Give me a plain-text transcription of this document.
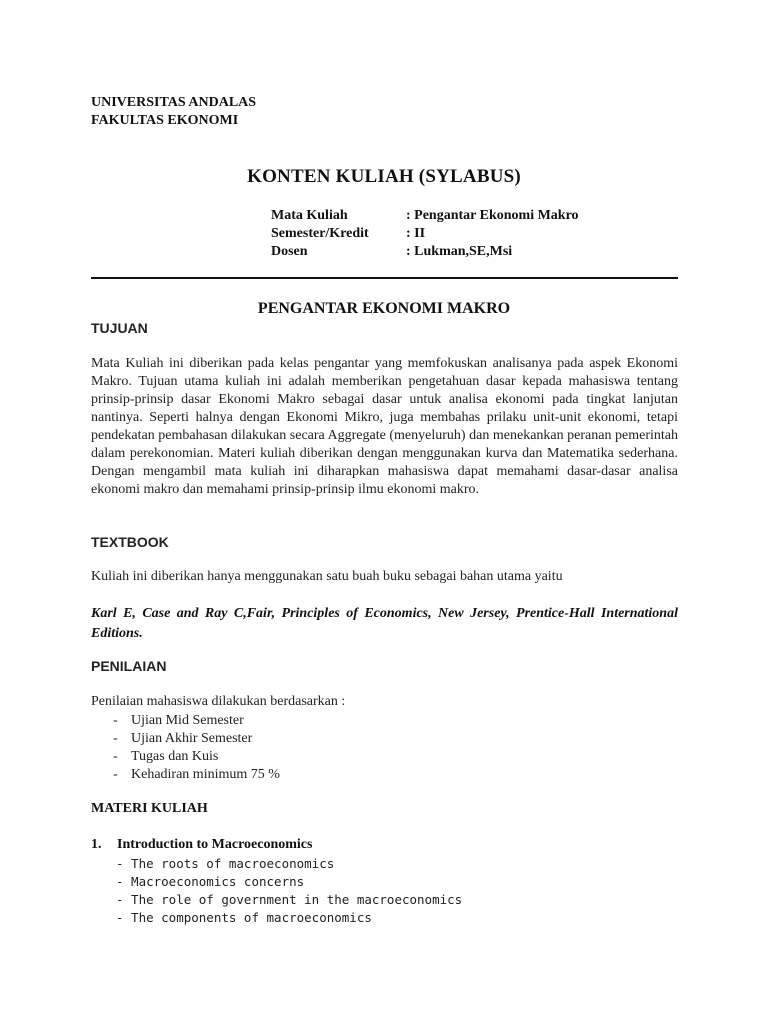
UNIVERSITAS ANDALAS
FAKULTAS EKONOMI
KONTEN KULIAH (SYLABUS)
Mata Kuliah	: Pengantar Ekonomi Makro
Semester/Kredit	: II
Dosen	: Lukman,SE,Msi
PENGANTAR EKONOMI MAKRO
TUJUAN
Mata Kuliah ini diberikan pada kelas pengantar yang memfokuskan analisanya pada aspek Ekonomi Makro. Tujuan utama kuliah ini adalah memberikan pengetahuan dasar kepada mahasiswa tentang prinsip-prinsip dasar Ekonomi Makro sebagai dasar untuk analisa ekonomi pada tingkat lanjutan nantinya. Seperti halnya dengan Ekonomi Mikro, juga membahas prilaku unit-unit ekonomi, tetapi pendekatan pembahasan dilakukan secara Aggregate (menyeluruh) dan menekankan peranan pemerintah dalam perekonomian. Materi kuliah diberikan dengan menggunakan kurva dan Matematika sederhana. Dengan mengambil mata kuliah ini diharapkan mahasiswa dapat memahami dasar-dasar analisa ekonomi makro dan memahami prinsip-prinsip ilmu ekonomi makro.
TEXTBOOK
Kuliah ini diberikan hanya menggunakan satu buah buku sebagai bahan utama yaitu
Karl E, Case and Ray C,Fair, Principles of Economics, New Jersey, Prentice-Hall International Editions.
PENILAIAN
Penilaian mahasiswa dilakukan berdasarkan :
- Ujian Mid Semester
- Ujian Akhir Semester
- Tugas dan Kuis
- Kehadiran minimum 75 %
MATERI KULIAH
1. Introduction to Macroeconomics
- The roots of macroeconomics
- Macroeconomics concerns
- The role of government in the macroeconomics
- The components of macroeconomics
